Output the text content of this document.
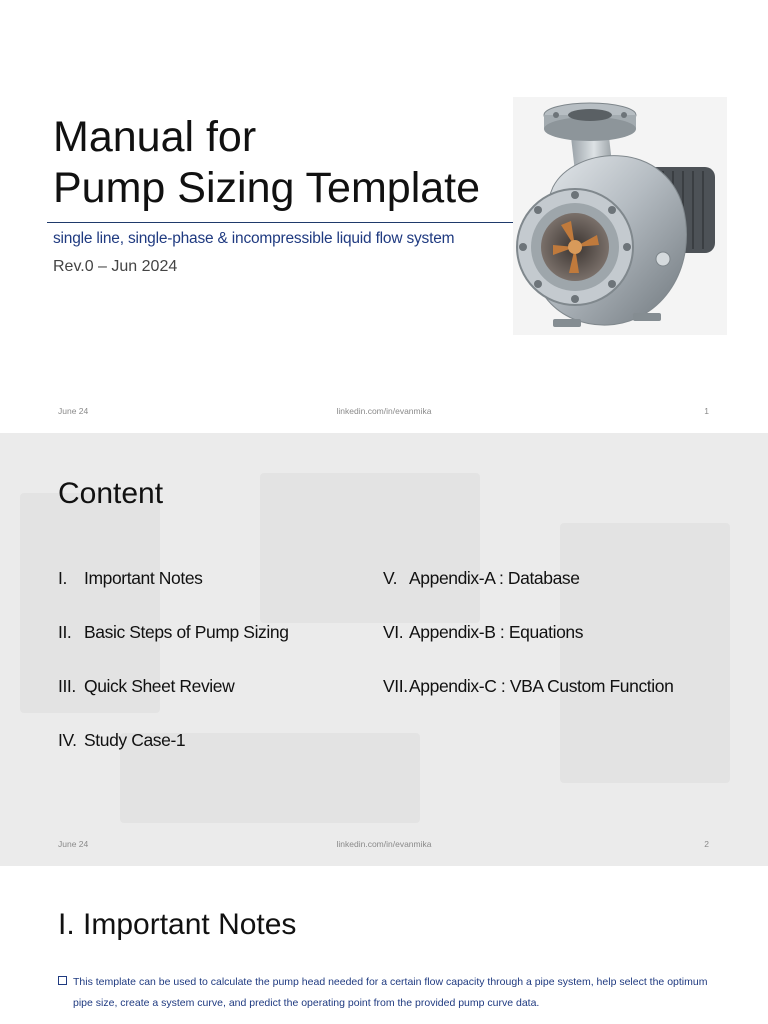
Manual for
Pump Sizing Template

single line, single-phase & incompressible liquid flow system

Rev.0 – Jun 2024

June 24	linkedin.com/in/evanmika	1
Content
I. Important Notes
II. Basic Steps of Pump Sizing
III. Quick Sheet Review
IV. Study Case-1
V. Appendix-A : Database
VI. Appendix-B : Equations
VII.Appendix-C : VBA Custom Function
June 24	linkedin.com/in/evanmika	2
I. Important Notes
This template can be used to calculate the pump head needed for a certain flow capacity through a pipe system, help select the optimum
pipe size, create a system curve, and predict the operating point from the provided pump curve data.
